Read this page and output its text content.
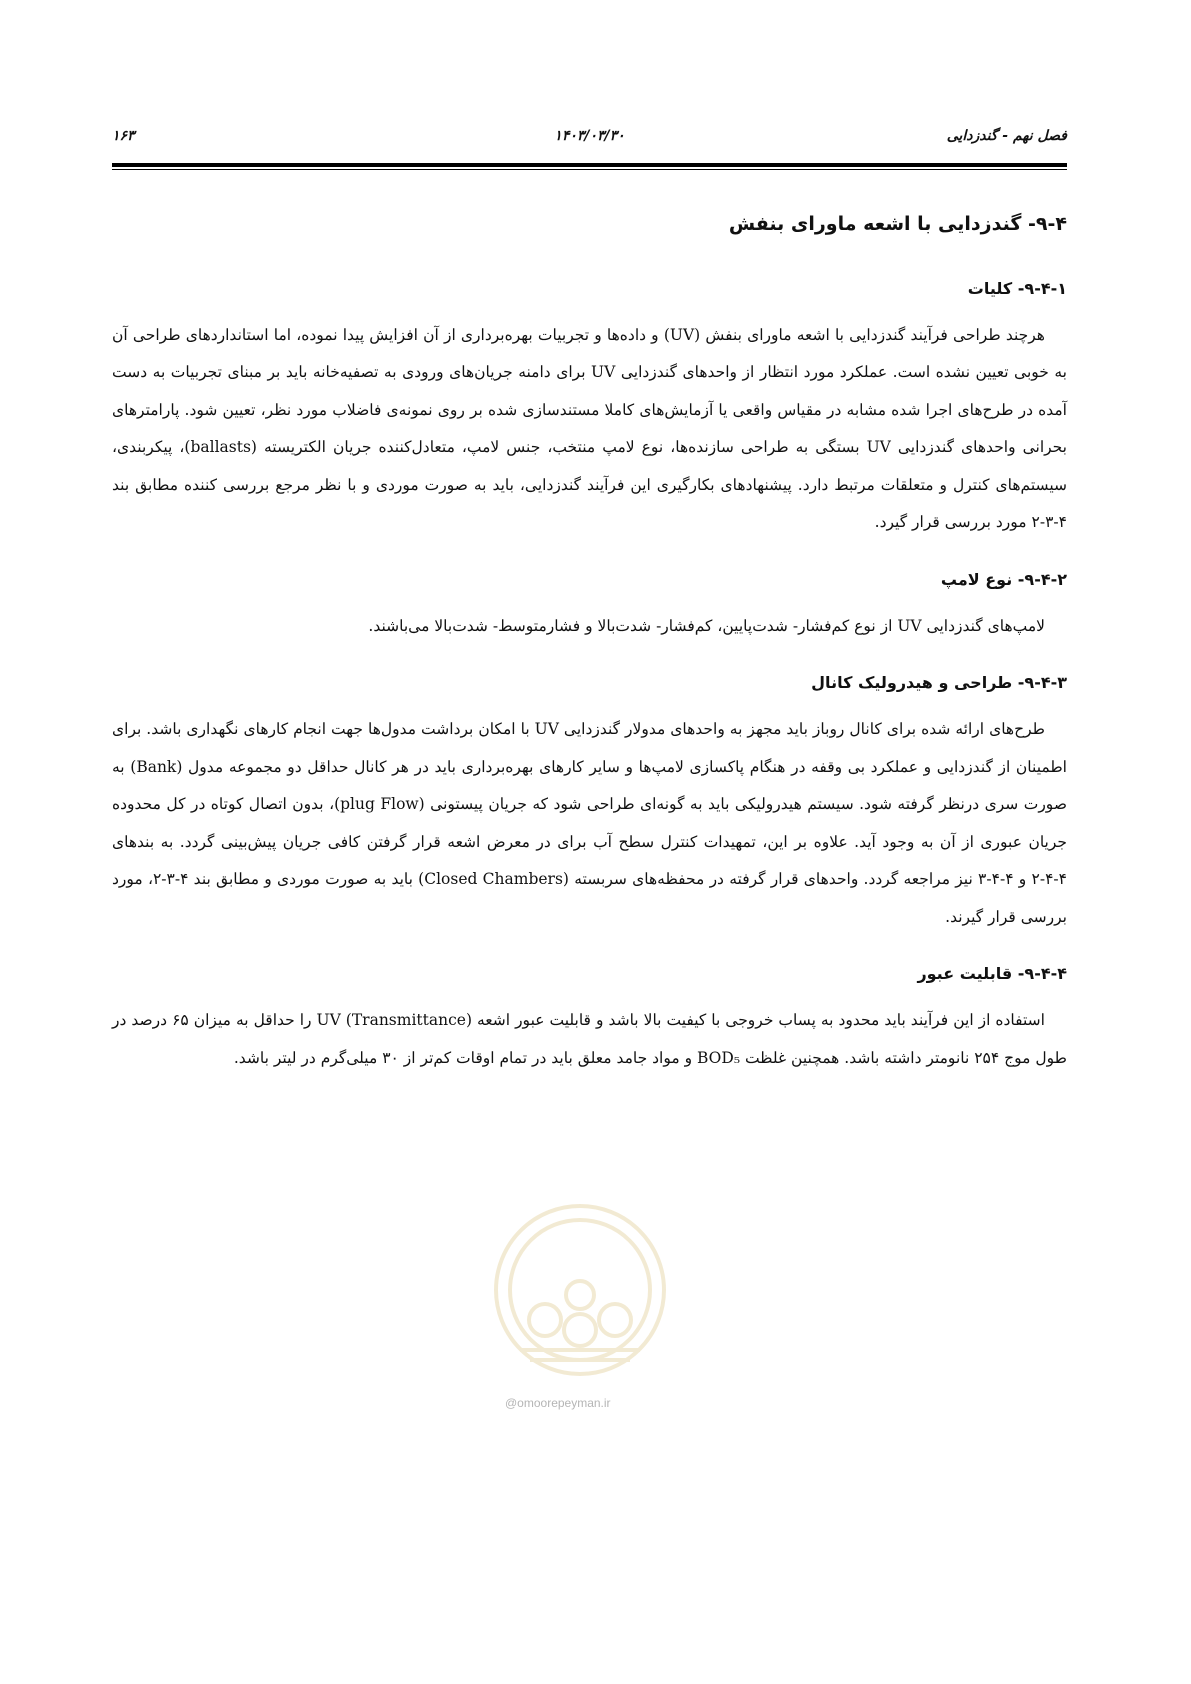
فصل نهم - گندزدایی
۱۴۰۳/۰۳/۳۰
۱۶۳
۹-۴- گندزدایی با اشعه ماورای بنفش
۹-۴-۱- کلیات

هرچند طراحی فرآیند گندزدایی با اشعه ماورای بنفش (UV) و داده‌ها و تجربیات بهره‌برداری از آن افزایش پیدا نموده، اما استانداردهای طراحی آن به خوبی تعیین نشده است. عملکرد مورد انتظار از واحدهای گندزدایی UV برای دامنه جریان‌های ورودی به تصفیه‌خانه باید بر مبنای تجربیات به دست آمده در طرح‌های اجرا شده مشابه در مقیاس واقعی یا آزمایش‌های کاملا مستندسازی شده بر روی نمونه‌ی فاضلاب مورد نظر، تعیین شود. پارامترهای بحرانی واحدهای گندزدایی UV بستگی به طراحی سازنده‌ها، نوع لامپ منتخب، جنس لامپ، متعادل‌کننده جریان الکتریسته (ballasts)، پیکربندی، سیستم‌های کنترل و متعلقات مرتبط دارد. پیشنهادهای بکارگیری این فرآیند گندزدایی، باید به صورت موردی و با نظر مرجع بررسی کننده مطابق بند ۴-۳-۲ مورد بررسی قرار گیرد.

۹-۴-۲- نوع لامپ

لامپ‌های گندزدایی UV از نوع کم‌فشار- شدت‌پایین، کم‌فشار- شدت‌بالا و فشارمتوسط- شدت‌بالا می‌باشند.

۹-۴-۳- طراحی و هیدرولیک کانال

طرح‌های ارائه شده برای کانال روباز باید مجهز به واحدهای مدولار گندزدایی UV با امکان برداشت مدول‌ها جهت انجام کارهای نگهداری باشد. برای اطمینان از گندزدایی و عملکرد بی وقفه در هنگام پاکسازی لامپ‌ها و سایر کارهای بهره‌برداری باید در هر کانال حداقل دو مجموعه مدول (Bank) به صورت سری درنظر گرفته شود. سیستم هیدرولیکی باید به گونه‌ای طراحی شود که جریان پیستونی (plug Flow)، بدون اتصال کوتاه در کل محدوده جریان عبوری از آن به وجود آید. علاوه بر این، تمهیدات کنترل سطح آب برای در معرض اشعه قرار گرفتن کافی جریان پیش‌بینی گردد. به بندهای ۴-۴-۲ و ۴-۴-۳ نیز مراجعه گردد. واحدهای قرار گرفته در محفظه‌های سربسته (Closed Chambers) باید به صورت موردی و مطابق بند ۴-۳-۲، مورد بررسی قرار گیرند.

۹-۴-۴- قابلیت عبور

استفاده از این فرآیند باید محدود به پساب خروجی با کیفیت بالا باشد و قابلیت عبور اشعه UV (Transmittance) را حداقل به میزان ۶۵ درصد در طول موج ۲۵۴ نانومتر داشته باشد. همچنین غلظت BOD₅ و مواد جامد معلق باید در تمام اوقات کم‌تر از ۳۰ میلی‌گرم در لیتر باشد.

@omoorepeyman.ir
